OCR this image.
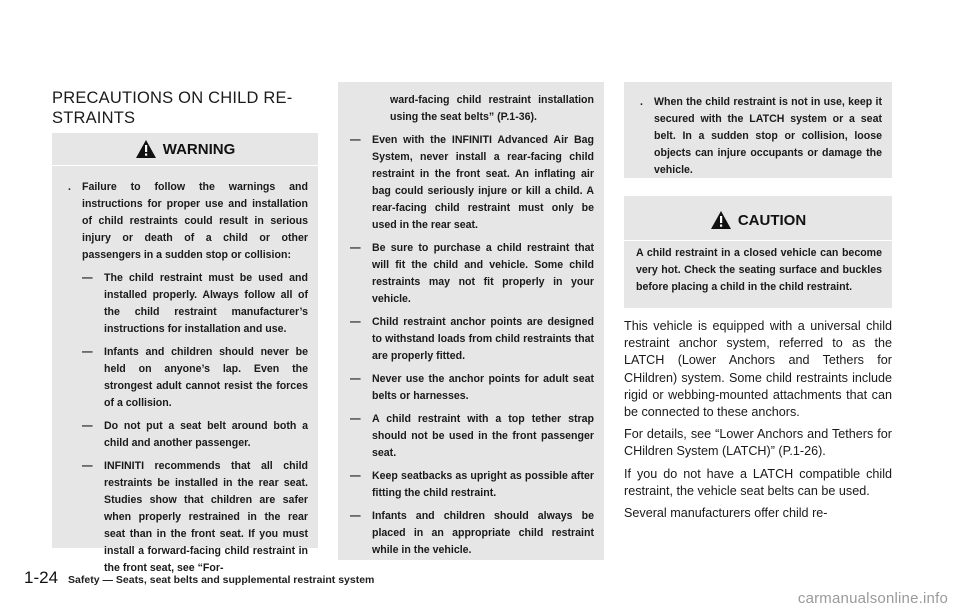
PRECAUTIONS ON CHILD RE-
STRAINTS
WARNING

. Failure to follow the warnings and instructions for proper use and installation of child restraints could result in serious injury or death of a child or other passengers in a sudden stop or collision:

— The child restraint must be used and installed properly. Always follow all of the child restraint manufacturer’s instructions for installation and use.

— Infants and children should never be held on anyone’s lap. Even the strongest adult cannot resist the forces of a collision.

— Do not put a seat belt around both a child and another passenger.

— INFINITI recommends that all child restraints be installed in the rear seat. Studies show that children are safer when properly restrained in the rear seat than in the front seat. If you must install a forward-facing child restraint in the front seat, see “For-

ward-facing child restraint installation using the seat belts” (P.1-36).

— Even with the INFINITI Advanced Air Bag System, never install a rear-facing child restraint in the front seat. An inflating air bag could seriously injure or kill a child. A rear-facing child restraint must only be used in the rear seat.

— Be sure to purchase a child restraint that will fit the child and vehicle. Some child restraints may not fit properly in your vehicle.

— Child restraint anchor points are designed to withstand loads from child restraints that are properly fitted.

— Never use the anchor points for adult seat belts or harnesses.

— A child restraint with a top tether strap should not be used in the front passenger seat.

— Keep seatbacks as upright as possible after fitting the child restraint.

— Infants and children should always be placed in an appropriate child restraint while in the vehicle.

. When the child restraint is not in use, keep it secured with the LATCH system or a seat belt. In a sudden stop or collision, loose objects can injure occupants or damage the vehicle.

CAUTION

A child restraint in a closed vehicle can become very hot. Check the seating surface and buckles before placing a child in the child restraint.

This vehicle is equipped with a universal child restraint anchor system, referred to as the LATCH (Lower Anchors and Tethers for CHildren) system. Some child restraints include rigid or webbing-mounted attachments that can be connected to these anchors.

For details, see “Lower Anchors and Tethers for CHildren System (LATCH)” (P.1-26).

If you do not have a LATCH compatible child restraint, the vehicle seat belts can be used.

Several manufacturers offer child re-

1-24 Safety — Seats, seat belts and supplemental restraint system
carmanualsonline.info
